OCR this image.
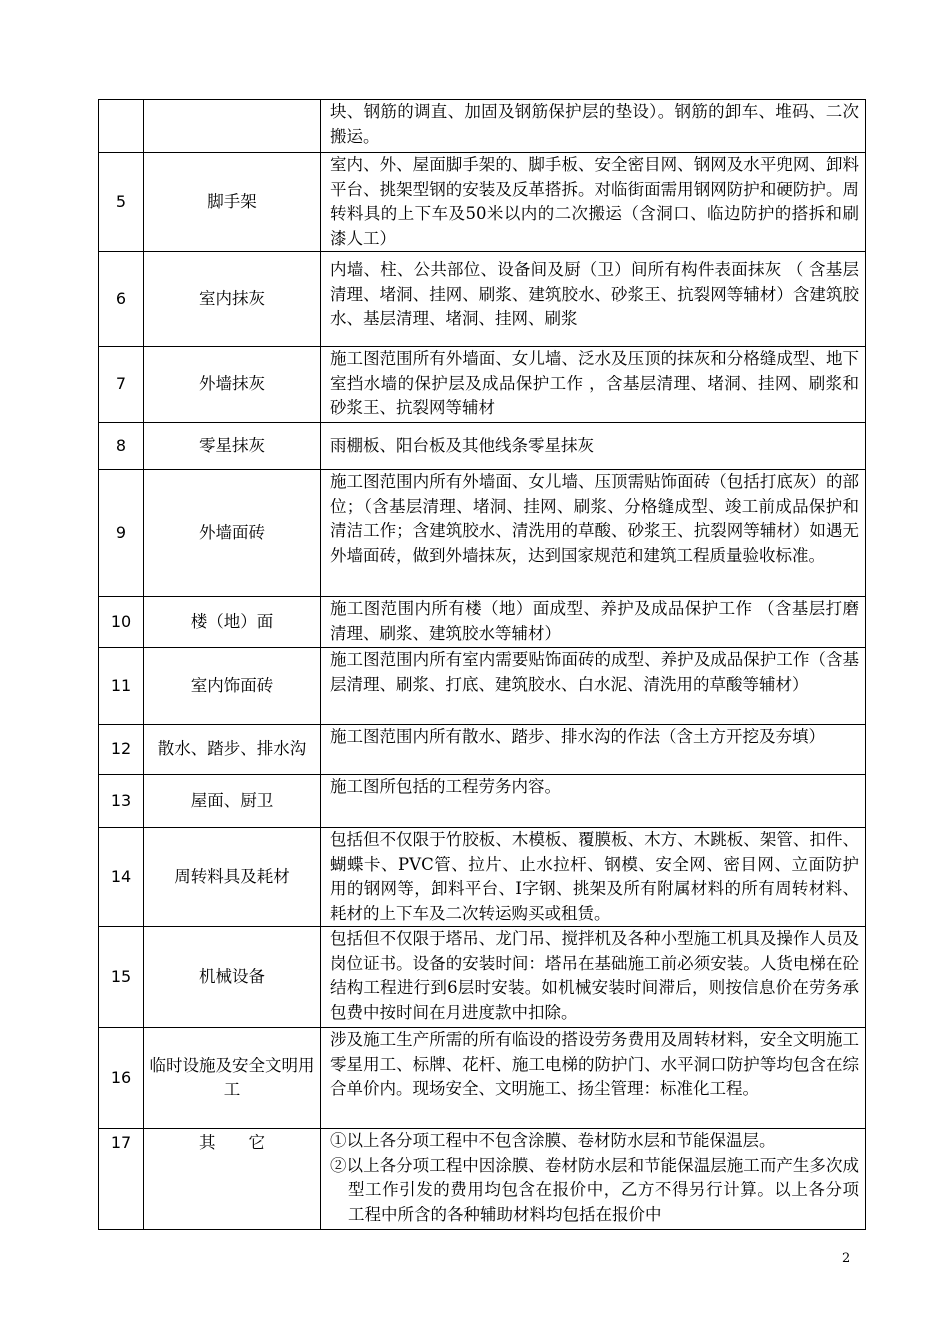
		块、钢筋的调直、加固及钢筋保护层的垫设）。钢筋的卸车、堆码、二次搬运。
5	脚手架	室内、外、屋面脚手架的、脚手板、安全密目网、钢网及水平兜网、卸料平台、挑架型钢的安装及反革搭拆。对临街面需用钢网防护和硬防护。周转料具的上下车及50米以内的二次搬运（含洞口、临边防护的搭拆和刷漆人工）
6	室内抹灰	内墙、柱、公共部位、设备间及厨（卫）间所有构件表面抹灰 （ 含基层清理、堵洞、挂网、刷浆、建筑胶水、砂浆王、抗裂网等辅材）含建筑胶水、基层清理、堵洞、挂网、刷浆
7	外墙抹灰	施工图范围所有外墙面、女儿墙、泛水及压顶的抹灰和分格缝成型、地下室挡水墙的保护层及成品保护工作 ，含基层清理、堵洞、挂网、刷浆和砂浆王、抗裂网等辅材
8	零星抹灰	雨棚板、阳台板及其他线条零星抹灰
9	外墙面砖	施工图范围内所有外墙面、女儿墙、压顶需贴饰面砖（包括打底灰）的部位；（含基层清理、堵洞、挂网、刷浆、分格缝成型、竣工前成品保护和清洁工作；含建筑胶水、清洗用的草酸、砂浆王、抗裂网等辅材）如遇无外墙面砖，做到外墙抹灰，达到国家规范和建筑工程质量验收标准。
10	楼（地）面	施工图范围内所有楼（地）面成型、养护及成品保护工作 （含基层打磨清理、刷浆、建筑胶水等辅材）
11	室内饰面砖	施工图范围内所有室内需要贴饰面砖的成型、养护及成品保护工作（含基层清理、刷浆、打底、建筑胶水、白水泥、清洗用的草酸等辅材）
12	散水、踏步、排水沟	施工图范围内所有散水、踏步、排水沟的作法（含土方开挖及夯填）
13	屋面、厨卫	施工图所包括的工程劳务内容。
14	周转料具及耗材	包括但不仅限于竹胶板、木模板、覆膜板、木方、木跳板、架管、扣件、蝴蝶卡、PVC管、拉片、止水拉杆、钢模、安全网、密目网、立面防护用的钢网等，卸料平台、I字钢、挑架及所有附属材料的所有周转材料、耗材的上下车及二次转运购买或租赁。
15	机械设备	包括但不仅限于塔吊、龙门吊、搅拌机及各种小型施工机具及操作人员及岗位证书。设备的安装时间：塔吊在基础施工前必须安装。人货电梯在砼结构工程进行到6层时安装。如机械安装时间滞后，则按信息价在劳务承包费中按时间在月进度款中扣除。
16	临时设施及安全文明用工	涉及施工生产所需的所有临设的搭设劳务费用及周转材料，安全文明施工零星用工、标牌、花杆、施工电梯的防护门、水平洞口防护等均包含在综合单价内。现场安全、文明施工、扬尘管理：标准化工程。
17	其　　它	①以上各分项工程中不包含涂膜、卷材防水层和节能保温层。

②以上各分项工程中因涂膜、卷材防水层和节能保温层施工而产生多次成型工作引发的费用均包含在报价中，乙方不得另行计算。以上各分项工程中所含的各种辅助材料均包括在报价中

2
